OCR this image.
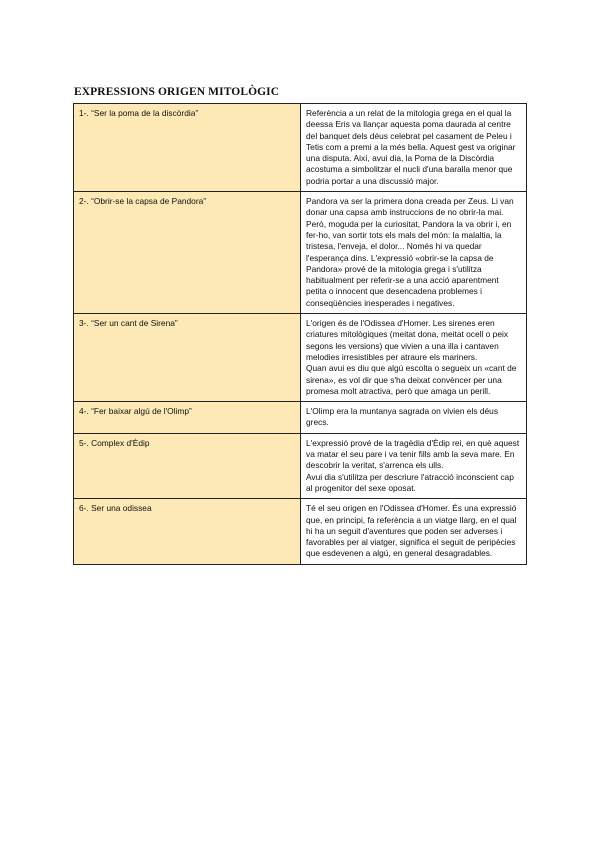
EXPRESSIONS ORIGEN MITOLÒGIC
1-. “Ser la poma de la discòrdia”	Referència a un relat de la mitologia grega en el qual la deessa Eris va llançar aquesta poma daurada al centre del banquet dels déus celebrat pel casament de Peleu i Tetis com a premi a la més bella. Aquest gest va originar una disputa. Així, avui dia, la Poma de la Discòrdia acostuma a simbolitzar el nucli d'una baralla menor que podria portar a una discussió major.

2-. “Obrir-se la capsa de Pandora”	Pandora va ser la primera dona creada per Zeus. Li van donar una capsa amb instruccions de no obrir-la mai. Però, moguda per la curiositat, Pandora la va obrir i, en fer-ho, van sortir tots els mals del món: la malaltia, la tristesa, l'enveja, el dolor... Només hi va quedar l'esperança dins. L'expressió «obrir-se la capsa de Pandora» prové de la mitologia grega i s'utilitza habitualment per referir-se a una acció aparentment petita o innocent que desencadena problemes i conseqüències inesperades i negatives.

3-. “Ser un cant de Sirena”	L'origen és de l'Odissea d'Homer. Les sirenes eren criatures mitològiques (meitat dona, meitat ocell o peix segons les versions) que vivien a una illa i cantaven melodies irresistibles per atraure els mariners.
Quan avui es diu que algú escolta o segueix un «cant de sirena», es vol dir que s'ha deixat convèncer per una promesa molt atractiva, però que amaga un perill.

4-. “Fer baixar algú de l'Olimp”	L'Olimp era la muntanya sagrada on vivien els déus grecs.

5-. Complex d'Èdip	L'expressió prové de la tragèdia d'Èdip rei, en què aquest va matar el seu pare i va tenir fills amb la seva mare. En descobrir la veritat, s'arrenca els ulls.
Avui dia s'utilitza per descriure l'atracció inconscient cap al progenitor del sexe oposat.

6-. Ser una odissea	Té el seu origen en l'Odissea d'Homer. És una expressió que, en principi, fa referència a un viatge llarg, en el qual hi ha un seguit d'aventures que poden ser adverses i favorables per al viatger, significa el seguit de peripècies que esdevenen a algú, en general desagradables.
